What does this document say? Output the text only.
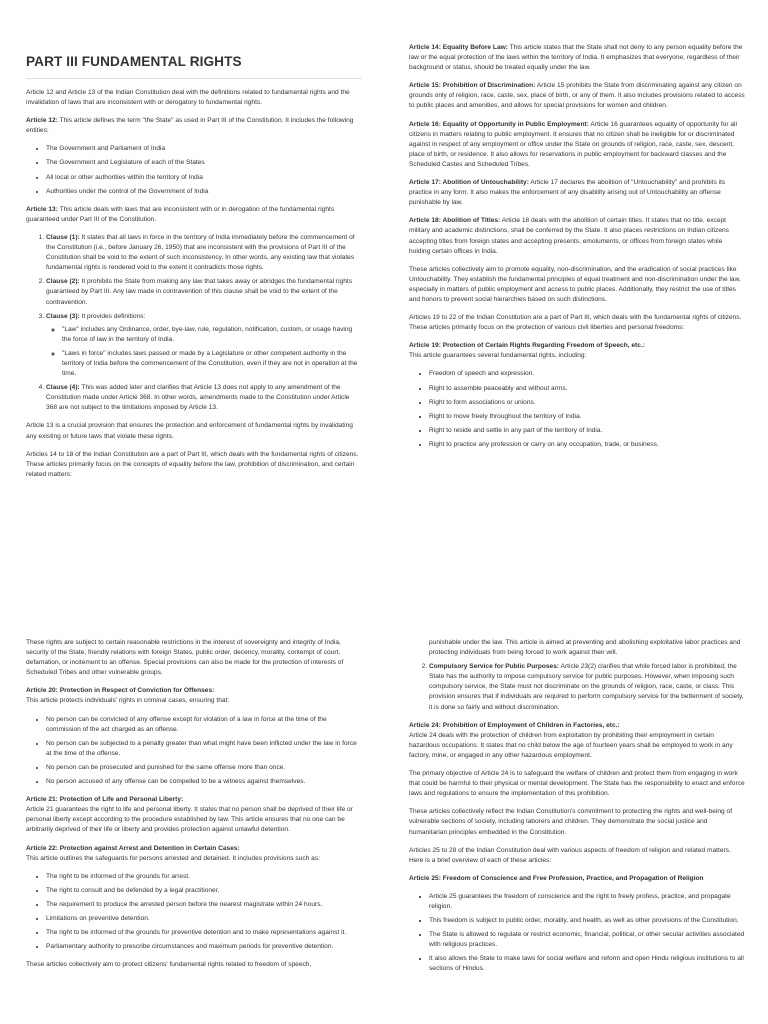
PART III FUNDAMENTAL RIGHTS

Article 12 and Article 13 of the Indian Constitution deal with the definitions related to fundamental rights and the invalidation of laws that are inconsistent with or derogatory to fundamental rights.

Article 12: This article defines the term "the State" as used in Part III of the Constitution. It includes the following entities:

• The Government and Parliament of India
• The Government and Legislature of each of the States
• All local or other authorities within the territory of India
• Authorities under the control of the Government of India

Article 13: This article deals with laws that are inconsistent with or in derogation of the fundamental rights guaranteed under Part III of the Constitution.

1. Clause (1): It states that all laws in force in the territory of India immediately before the commencement of the Constitution (i.e., before January 26, 1950) that are inconsistent with the provisions of Part III of the Constitution shall be void to the extent of such inconsistency. In other words, any existing law that violates fundamental rights is rendered void to the extent it contradicts those rights.
2. Clause (2): It prohibits the State from making any law that takes away or abridges the fundamental rights guaranteed by Part III. Any law made in contravention of this clause shall be void to the extent of the contravention.
3. Clause (3): It provides definitions:
◦ "Law" includes any Ordinance, order, bye-law, rule, regulation, notification, custom, or usage having the force of law in the territory of India.
◦ "Laws in force" includes laws passed or made by a Legislature or other competent authority in the territory of India before the commencement of the Constitution, even if they are not in operation at the time.
4. Clause (4): This was added later and clarifies that Article 13 does not apply to any amendment of the Constitution made under Article 368. In other words, amendments made to the Constitution under Article 368 are not subject to the limitations imposed by Article 13.

Article 13 is a crucial provision that ensures the protection and enforcement of fundamental rights by invalidating any existing or future laws that violate these rights.

Articles 14 to 18 of the Indian Constitution are a part of Part III, which deals with the fundamental rights of citizens. These articles primarily focus on the concepts of equality before the law, prohibition of discrimination, and certain related matters:

Article 14: Equality Before Law: This article states that the State shall not deny to any person equality before the law or the equal protection of the laws within the territory of India. It emphasizes that everyone, regardless of their background or status, should be treated equally under the law.

Article 15: Prohibition of Discrimination: Article 15 prohibits the State from discriminating against any citizen on grounds only of religion, race, caste, sex, place of birth, or any of them. It also includes provisions related to access to public places and amenities, and allows for special provisions for women and children.

Article 16: Equality of Opportunity in Public Employment: Article 16 guarantees equality of opportunity for all citizens in matters relating to public employment. It ensures that no citizen shall be ineligible for or discriminated against in respect of any employment or office under the State on grounds of religion, race, caste, sex, descent, place of birth, or residence. It also allows for reservations in public employment for backward classes and the Scheduled Castes and Scheduled Tribes.

Article 17: Abolition of Untouchability: Article 17 declares the abolition of "Untouchability" and prohibits its practice in any form. It also makes the enforcement of any disability arising out of Untouchability an offense punishable by law.

Article 18: Abolition of Titles: Article 18 deals with the abolition of certain titles. It states that no title, except military and academic distinctions, shall be conferred by the State. It also places restrictions on Indian citizens accepting titles from foreign states and accepting presents, emoluments, or offices from foreign states while holding certain offices in India.

These articles collectively aim to promote equality, non-discrimination, and the eradication of social practices like Untouchability. They establish the fundamental principles of equal treatment and non-discrimination under the law, especially in matters of public employment and access to public places. Additionally, they restrict the use of titles and honors to prevent social hierarchies based on such distinctions.

Articles 19 to 22 of the Indian Constitution are a part of Part III, which deals with the fundamental rights of citizens. These articles primarily focus on the protection of various civil liberties and personal freedoms:

Article 19: Protection of Certain Rights Regarding Freedom of Speech, etc.:

This article guarantees several fundamental rights, including:

• Freedom of speech and expression.
• Right to assemble peaceably and without arms.
• Right to form associations or unions.
• Right to move freely throughout the territory of India.
• Right to reside and settle in any part of the territory of India.
• Right to practice any profession or carry on any occupation, trade, or business.

These rights are subject to certain reasonable restrictions in the interest of sovereignty and integrity of India, security of the State, friendly relations with foreign States, public order, decency, morality, contempt of court, defamation, or incitement to an offense. Special provisions can also be made for the protection of interests of Scheduled Tribes and other vulnerable groups.

Article 20: Protection in Respect of Conviction for Offenses:

This article protects individuals' rights in criminal cases, ensuring that:

• No person can be convicted of any offense except for violation of a law in force at the time of the commission of the act charged as an offense.
• No person can be subjected to a penalty greater than what might have been inflicted under the law in force at the time of the offense.
• No person can be prosecuted and punished for the same offense more than once.
• No person accused of any offense can be compelled to be a witness against themselves.

Article 21: Protection of Life and Personal Liberty:

Article 21 guarantees the right to life and personal liberty. It states that no person shall be deprived of their life or personal liberty except according to the procedure established by law. This article ensures that no one can be arbitrarily deprived of their life or liberty and provides protection against unlawful detention.

Article 22: Protection against Arrest and Detention in Certain Cases:

This article outlines the safeguards for persons arrested and detained. It includes provisions such as:

• The right to be informed of the grounds for arrest.
• The right to consult and be defended by a legal practitioner.
• The requirement to produce the arrested person before the nearest magistrate within 24 hours.
• Limitations on preventive detention.
• The right to be informed of the grounds for preventive detention and to make representations against it.
• Parliamentary authority to prescribe circumstances and maximum periods for preventive detention.

These articles collectively aim to protect citizens' fundamental rights related to freedom of speech,

punishable under the law. This article is aimed at preventing and abolishing exploitative labor practices and protecting individuals from being forced to work against their will.
2. Compulsory Service for Public Purposes: Article 23(2) clarifies that while forced labor is prohibited, the State has the authority to impose compulsory service for public purposes. However, when imposing such compulsory service, the State must not discriminate on the grounds of religion, race, caste, or class. This provision ensures that if individuals are required to perform compulsory service for the betterment of society, it is done so fairly and without discrimination.

Article 24: Prohibition of Employment of Children in Factories, etc.:

Article 24 deals with the protection of children from exploitation by prohibiting their employment in certain hazardous occupations. It states that no child below the age of fourteen years shall be employed to work in any factory, mine, or engaged in any other hazardous employment.

The primary objective of Article 24 is to safeguard the welfare of children and protect them from engaging in work that could be harmful to their physical or mental development. The State has the responsibility to enact and enforce laws and regulations to ensure the implementation of this prohibition.

These articles collectively reflect the Indian Constitution's commitment to protecting the rights and well-being of vulnerable sections of society, including laborers and children. They demonstrate the social justice and humanitarian principles embedded in the Constitution.

Articles 25 to 28 of the Indian Constitution deal with various aspects of freedom of religion and related matters. Here is a brief overview of each of these articles:

Article 25: Freedom of Conscience and Free Profession, Practice, and Propagation of Religion

• Article 25 guarantees the freedom of conscience and the right to freely profess, practice, and propagate religion.
• This freedom is subject to public order, morality, and health, as well as other provisions of the Constitution.
• The State is allowed to regulate or restrict economic, financial, political, or other secular activities associated with religious practices.
• It also allows the State to make laws for social welfare and reform and open Hindu religious institutions to all sections of Hindus.
